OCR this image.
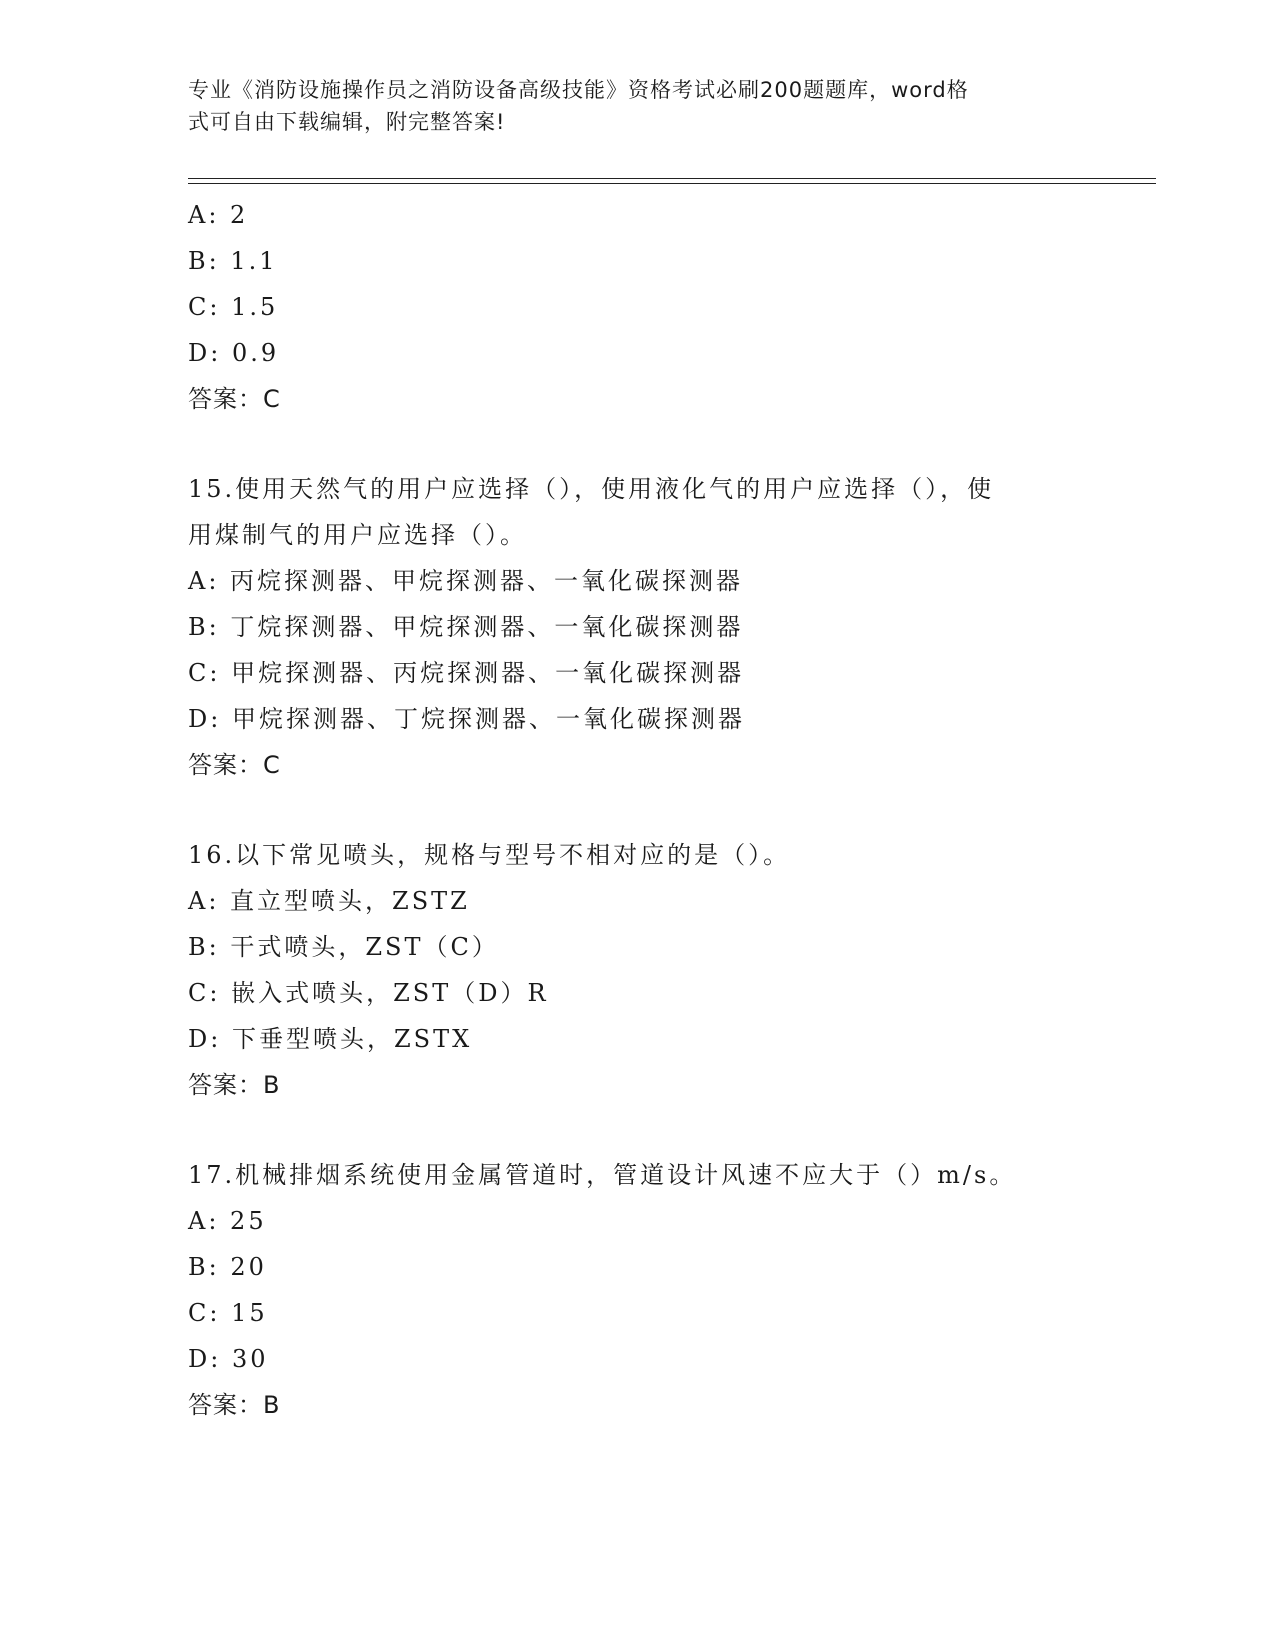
专业《消防设施操作员之消防设备高级技能》资格考试必刷200题题库，word格
式可自由下载编辑，附完整答案!
A: 2
B: 1.1
C: 1.5
D: 0.9
答案：C
15.使用天然气的用户应选择（），使用液化气的用户应选择（），使
用煤制气的用户应选择（）。
A: 丙烷探测器、甲烷探测器、一氧化碳探测器
B: 丁烷探测器、甲烷探测器、一氧化碳探测器
C: 甲烷探测器、丙烷探测器、一氧化碳探测器
D: 甲烷探测器、丁烷探测器、一氧化碳探测器
答案：C
16.以下常见喷头，规格与型号不相对应的是（）。
A: 直立型喷头，ZSTZ
B: 干式喷头，ZST（C）
C: 嵌入式喷头，ZST（D）R
D: 下垂型喷头，ZSTX
答案：B
17.机械排烟系统使用金属管道时，管道设计风速不应大于（）m/s。
A: 25
B: 20
C: 15
D: 30
答案：B
